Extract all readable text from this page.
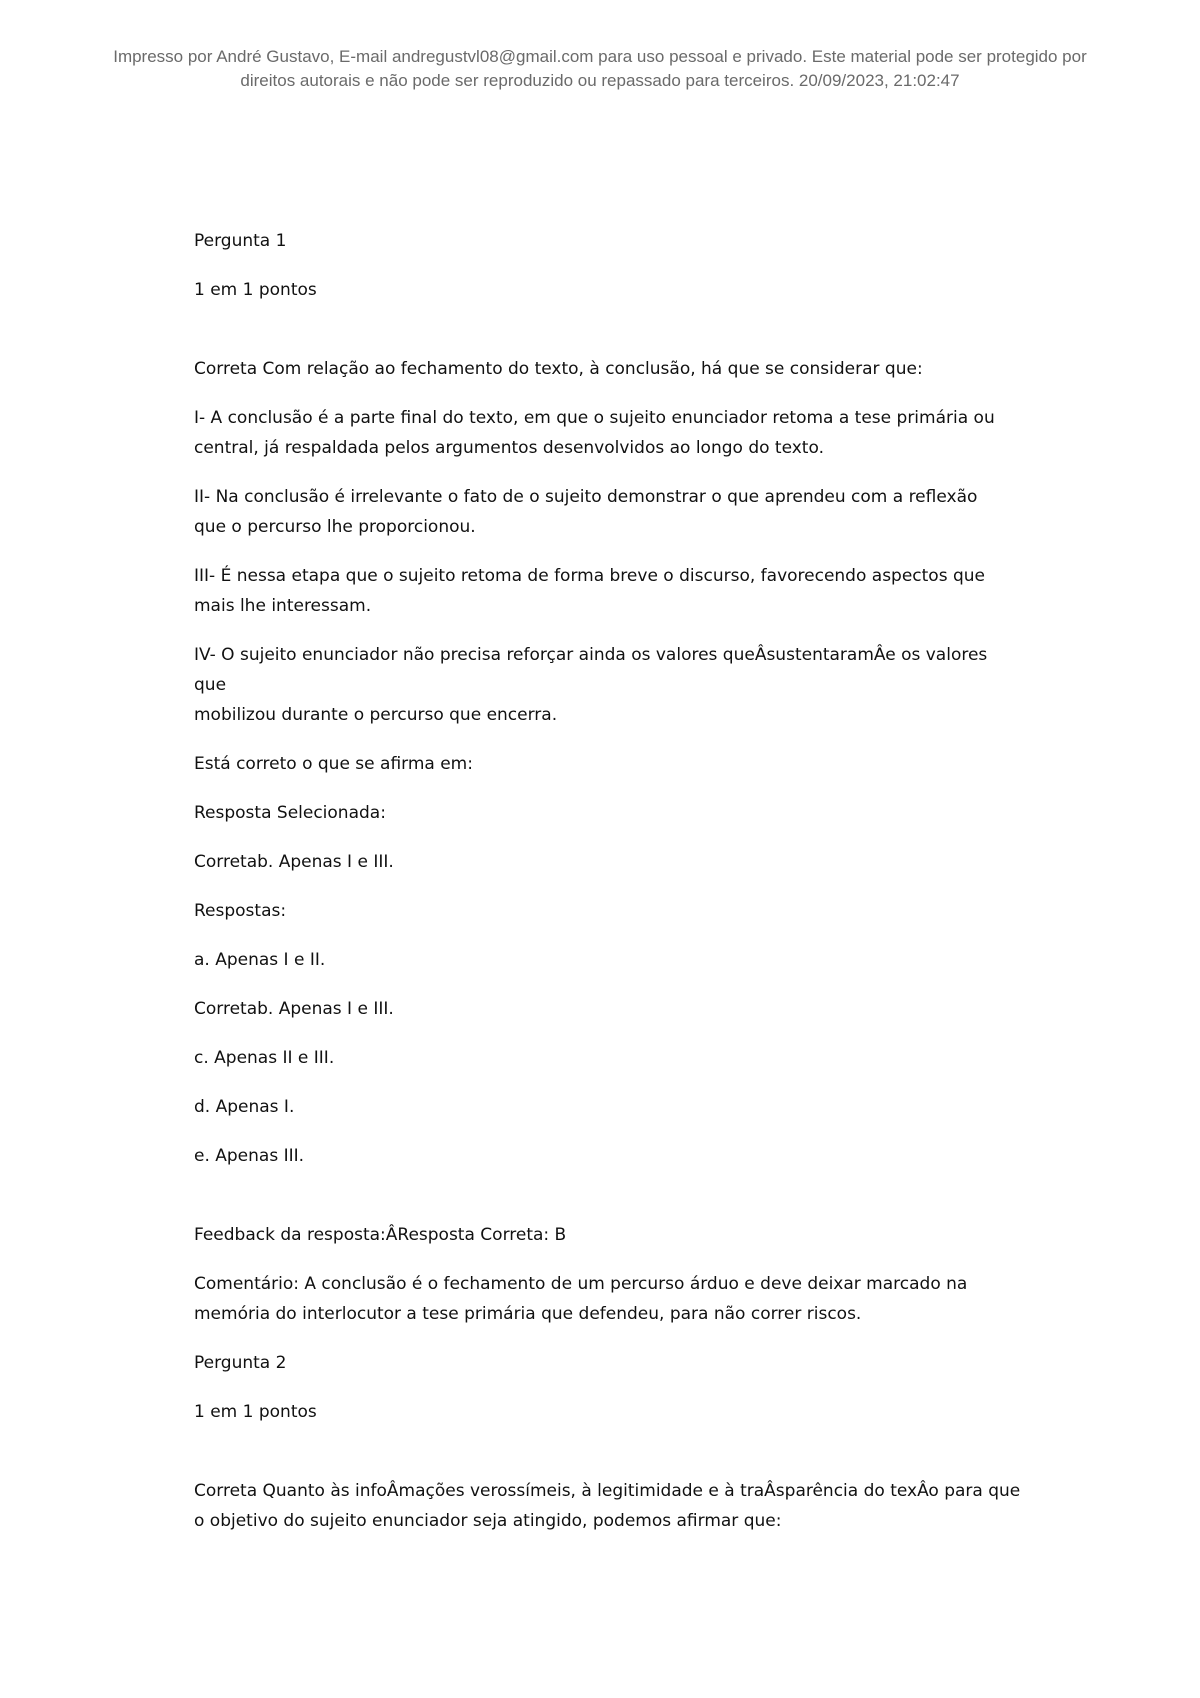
Impresso por André Gustavo, E-mail andregustvl08@gmail.com para uso pessoal e privado. Este material pode ser protegido por
direitos autorais e não pode ser reproduzido ou repassado para terceiros. 20/09/2023, 21:02:47

Pergunta 1

1 em 1 pontos

Correta Com relação ao fechamento do texto, à conclusão, há que se considerar que:

I- A conclusão é a parte final do texto, em que o sujeito enunciador retoma a tese primária ou

central, já respaldada pelos argumentos desenvolvidos ao longo do texto.

II- Na conclusão é irrelevante o fato de o sujeito demonstrar o que aprendeu com a reflexão

que o percurso lhe proporcionou.

III- É nessa etapa que o sujeito retoma de forma breve o discurso, favorecendo aspectos que

mais lhe interessam.

IV- O sujeito enunciador não precisa reforçar ainda os valores queÂsustentaramÂe os valores que

mobilizou durante o percurso que encerra.

Está correto o que se afirma em:

Resposta Selecionada:

Corretab. Apenas I e III.

Respostas:

a. Apenas I e II.

Corretab. Apenas I e III.

c. Apenas II e III.

d. Apenas I.

e. Apenas III.

Feedback da resposta:ÂResposta Correta: B

Comentário: A conclusão é o fechamento de um percurso árduo e deve deixar marcado na

memória do interlocutor a tese primária que defendeu, para não correr riscos.

Pergunta 2

1 em 1 pontos

Correta Quanto às infoÂmações verossímeis, à legitimidade e à traÂsparência do texÂo para que

o objetivo do sujeito enunciador seja atingido, podemos afirmar que:
